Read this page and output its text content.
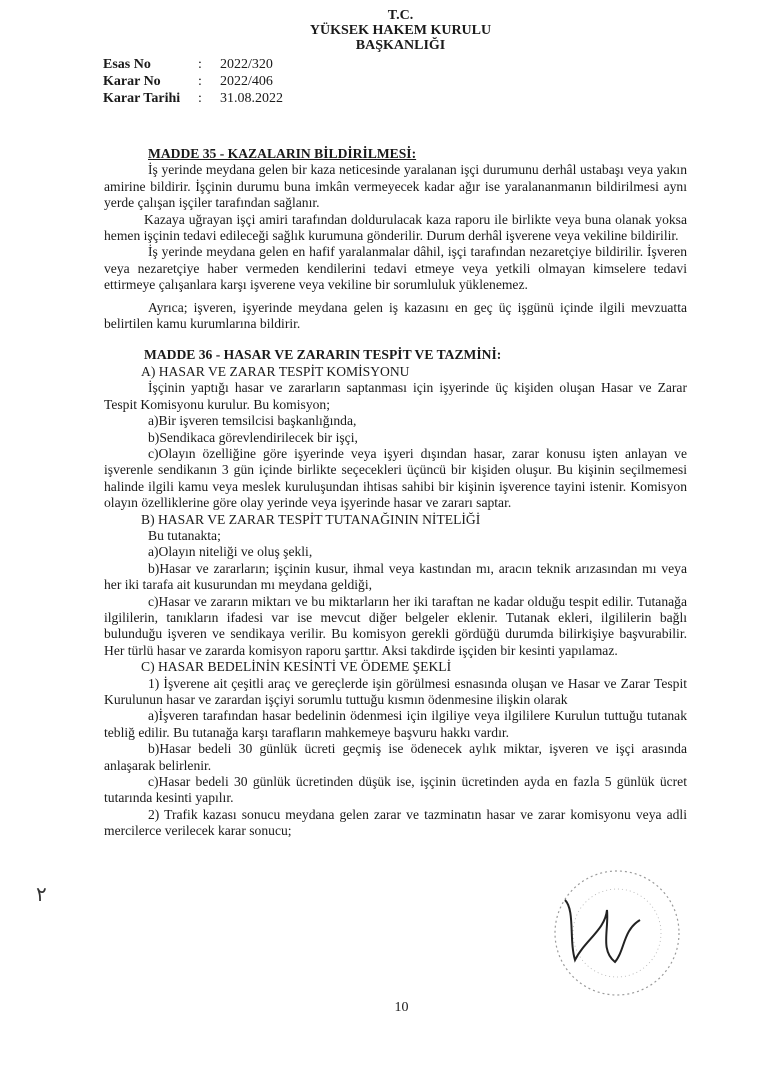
T.C.
YÜKSEK HAKEM KURULU
BAŞKANLIĞI
Esas No	:	2022/320
Karar No	:	2022/406
Karar Tarihi	:	31.08.2022

MADDE 35 - KAZALARIN BİLDİRİLMESİ:

İş yerinde meydana gelen bir kaza neticesinde yaralanan işçi durumunu derhâl ustabaşı veya yakın amirine bildirir. İşçinin durumu buna imkân vermeyecek kadar ağır ise yaralananmanın bildirilmesi aynı yerde çalışan işçiler tarafından sağlanır.

Kazaya uğrayan işçi amiri tarafından doldurulacak kaza raporu ile birlikte veya buna olanak yoksa hemen işçinin tedavi edileceği sağlık kurumuna gönderilir. Durum derhâl işverene veya vekiline bildirilir.

İş yerinde meydana gelen en hafif yaralanmalar dâhil, işçi tarafından nezaretçiye bildirilir. İşveren veya nezaretçiye haber vermeden kendilerini tedavi etmeye veya yetkili olmayan kimselere tedavi ettirmeye çalışanlara karşı işverene veya vekiline bir sorumluluk yüklenemez.

Ayrıca; işveren, işyerinde meydana gelen iş kazasını en geç üç işgünü içinde ilgili mevzuatta belirtilen kamu kurumlarına bildirir.

MADDE 36 - HASAR VE ZARARIN TESPİT VE TAZMİNİ:

A) HASAR VE ZARAR TESPİT KOMİSYONU

İşçinin yaptığı hasar ve zararların saptanması için işyerinde üç kişiden oluşan Hasar ve Zarar Tespit Komisyonu kurulur. Bu komisyon;

a)Bir işveren temsilcisi başkanlığında,

b)Sendikaca görevlendirilecek bir işçi,

c)Olayın özelliğine göre işyerinde veya işyeri dışından hasar, zarar konusu işten anlayan ve işverenle sendikanın 3 gün içinde birlikte seçecekleri üçüncü bir kişiden oluşur. Bu kişinin seçilmemesi halinde ilgili kamu veya meslek kuruluşundan ihtisas sahibi bir kişinin işverence tayini istenir. Komisyon olayın özelliklerine göre olay yerinde veya işyerinde hasar ve zararı saptar.

B) HASAR VE ZARAR TESPİT TUTANAĞININ NİTELİĞİ

Bu tutanakta;

a)Olayın niteliği ve oluş şekli,

b)Hasar ve zararların; işçinin kusur, ihmal veya kastından mı, aracın teknik arızasından mı veya her iki tarafa ait kusurundan mı meydana geldiği,

c)Hasar ve zararın miktarı ve bu miktarların her iki taraftan ne kadar olduğu tespit edilir. Tutanağa ilgililerin, tanıkların ifadesi var ise mevcut diğer belgeler eklenir. Tutanak ekleri, ilgililerin bağlı bulunduğu işveren ve sendikaya verilir. Bu komisyon gerekli gördüğü durumda bilirkişiye başvurabilir. Her türlü hasar ve zararda komisyon raporu şarttır. Aksi takdirde işçiden bir kesinti yapılamaz.

C) HASAR BEDELİNİN KESİNTİ VE ÖDEME ŞEKLİ

1) İşverene ait çeşitli araç ve gereçlerde işin görülmesi esnasında oluşan ve Hasar ve Zarar Tespit Kurulunun hasar ve zarardan işçiyi sorumlu tuttuğu kısmın ödenmesine ilişkin olarak

a)İşveren tarafından hasar bedelinin ödenmesi için ilgiliye veya ilgililere Kurulun tuttuğu tutanak tebliğ edilir. Bu tutanağa karşı tarafların mahkemeye başvuru hakkı vardır.

b)Hasar bedeli 30 günlük ücreti geçmiş ise ödenecek aylık miktar, işveren ve işçi arasında anlaşarak belirlenir.

c)Hasar bedeli 30 günlük ücretinden düşük ise, işçinin ücretinden ayda en fazla 5 günlük ücret tutarında kesinti yapılır.

2) Trafik kazası sonucu meydana gelen zarar ve tazminatın hasar ve zarar komisyonu veya adli mercilerce verilecek karar sonucu;

٢
10
